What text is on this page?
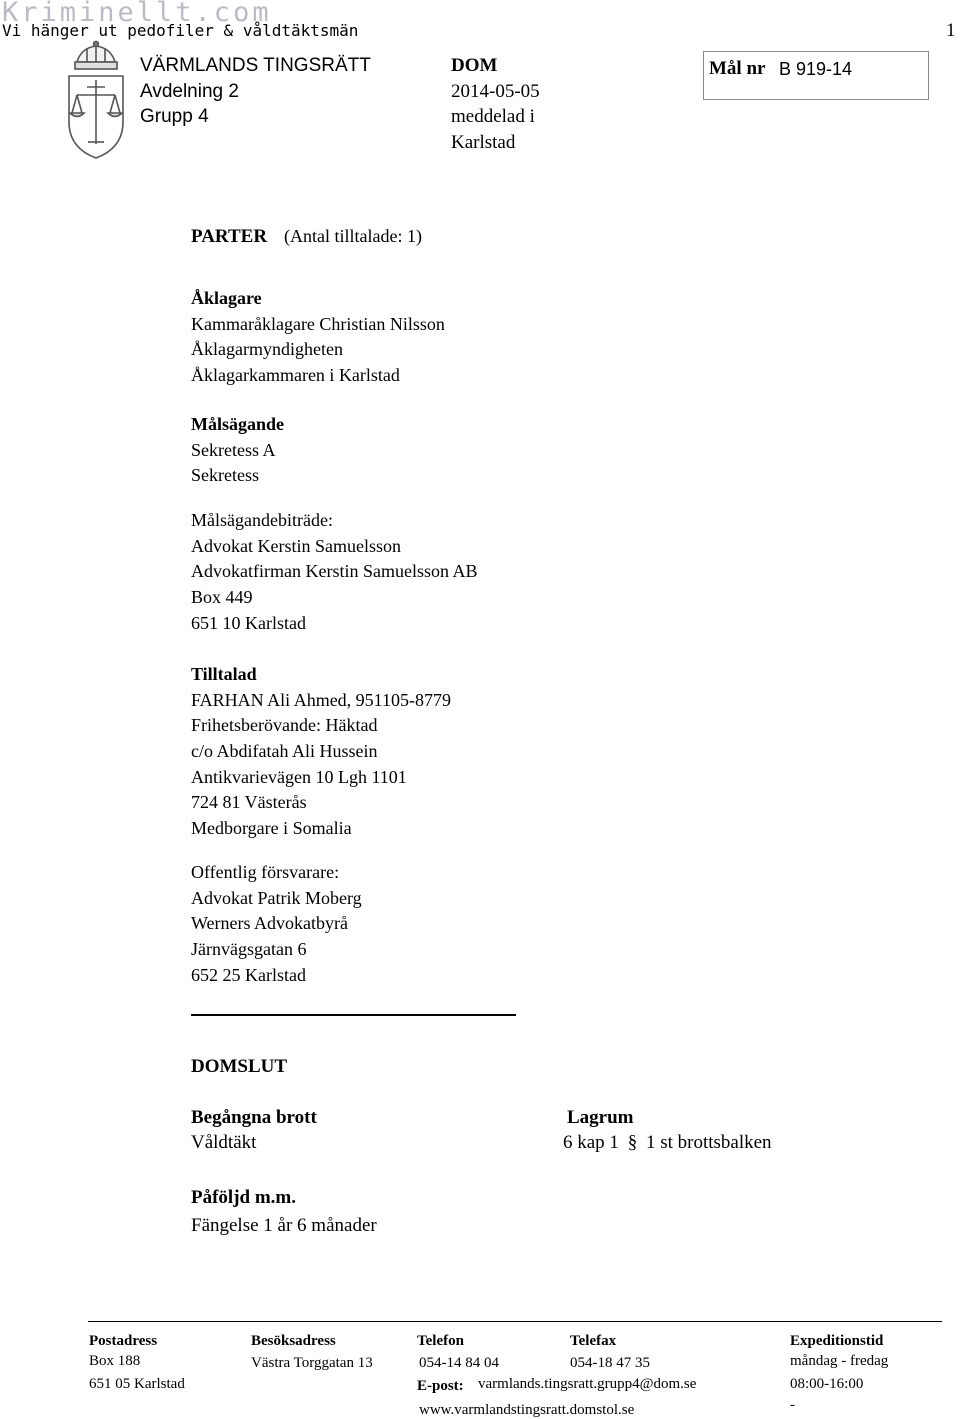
Kriminellt.com
Vi hänger ut pedofiler & våldtäktsmän	1
VÄRMLANDS TINGSRÄTT
Avdelning 2
Grupp 4
DOM
2014-05-05
meddelad i
Karlstad
Mål nr B 919-14
PARTER (Antal tilltalade: 1)
Åklagare
Kammaråklagare Christian Nilsson
Åklagarmyndigheten
Åklagarkammaren i Karlstad
Målsägande
Sekretess A
Sekretess
Målsägandebiträde:
Advokat Kerstin Samuelsson
Advokatfirman Kerstin Samuelsson AB
Box 449
651 10 Karlstad
Tilltalad
FARHAN Ali Ahmed, 951105-8779
Frihetsberövande: Häktad
c/o Abdifatah Ali Hussein
Antikvarievägen 10 Lgh 1101
724 81 Västerås
Medborgare i Somalia
Offentlig försvarare:
Advokat Patrik Moberg
Werners Advokatbyrå
Järnvägsgatan 6
652 25 Karlstad
DOMSLUT
Begångna brott
Våldtäkt
Lagrum
6 kap 1 § 1 st brottsbalken
Påföljd m.m.
Fängelse 1 år 6 månader
Postadress
Box 188
651 05 Karlstad
Besöksadress
Västra Torggatan 13
Telefon
054-14 84 04
Telefax
054-18 47 35
E-post: varmlands.tingsratt.grupp4@dom.se
www.varmlandstingsratt.domstol.se
Expeditionstid
måndag - fredag
08:00-16:00
-
